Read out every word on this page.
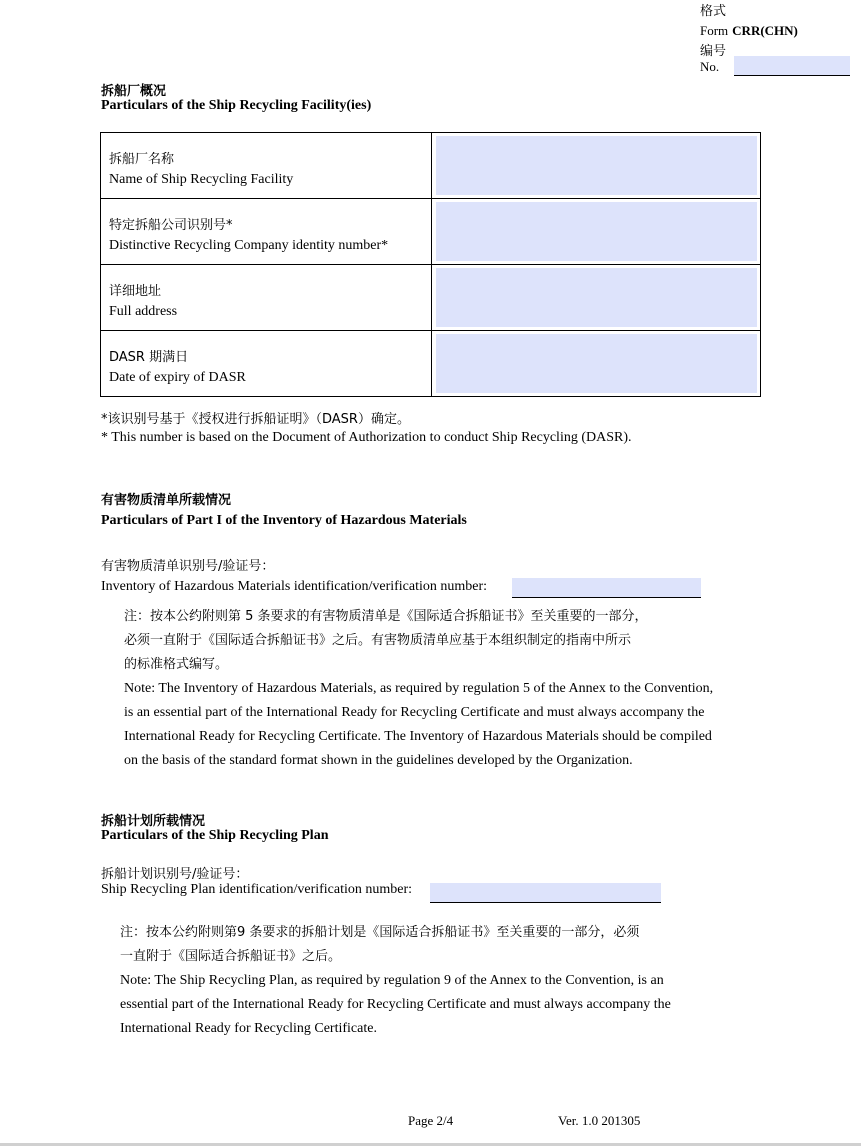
格式
Form CRR(CHN)
编号
No.
拆船厂概况
Particulars of the Ship Recycling Facility(ies)
拆船厂名称
Name of Ship Recycling Facility
特定拆船公司识别号*
Distinctive Recycling Company identity number*
详细地址
Full address
DASR 期满日
Date of expiry of DASR
*该识别号基于《授权进行拆船证明》（DASR）确定。
* This number is based on the Document of Authorization to conduct Ship Recycling (DASR).
有害物质清单所载情况
Particulars of Part I of the Inventory of Hazardous Materials
有害物质清单识别号/验证号：
Inventory of Hazardous Materials identification/verification number:
注：按本公约附则第 5 条要求的有害物质清单是《国际适合拆船证书》至关重要的一部分，
必须一直附于《国际适合拆船证书》之后。有害物质清单应基于本组织制定的指南中所示
的标准格式编写。
Note: The Inventory of Hazardous Materials, as required by regulation 5 of the Annex to the Convention,
is an essential part of the International Ready for Recycling Certificate and must always accompany the
International Ready for Recycling Certificate. The Inventory of Hazardous Materials should be compiled
on the basis of the standard format shown in the guidelines developed by the Organization.
拆船计划所载情况
Particulars of the Ship Recycling Plan
拆船计划识别号/验证号：
Ship Recycling Plan identification/verification number:
注：按本公约附则第9 条要求的拆船计划是《国际适合拆船证书》至关重要的一部分，必须
一直附于《国际适合拆船证书》之后。
Note: The Ship Recycling Plan, as required by regulation 9 of the Annex to the Convention, is an
essential part of the International Ready for Recycling Certificate and must always accompany the
International Ready for Recycling Certificate.
Page 2/4	Ver. 1.0 201305
